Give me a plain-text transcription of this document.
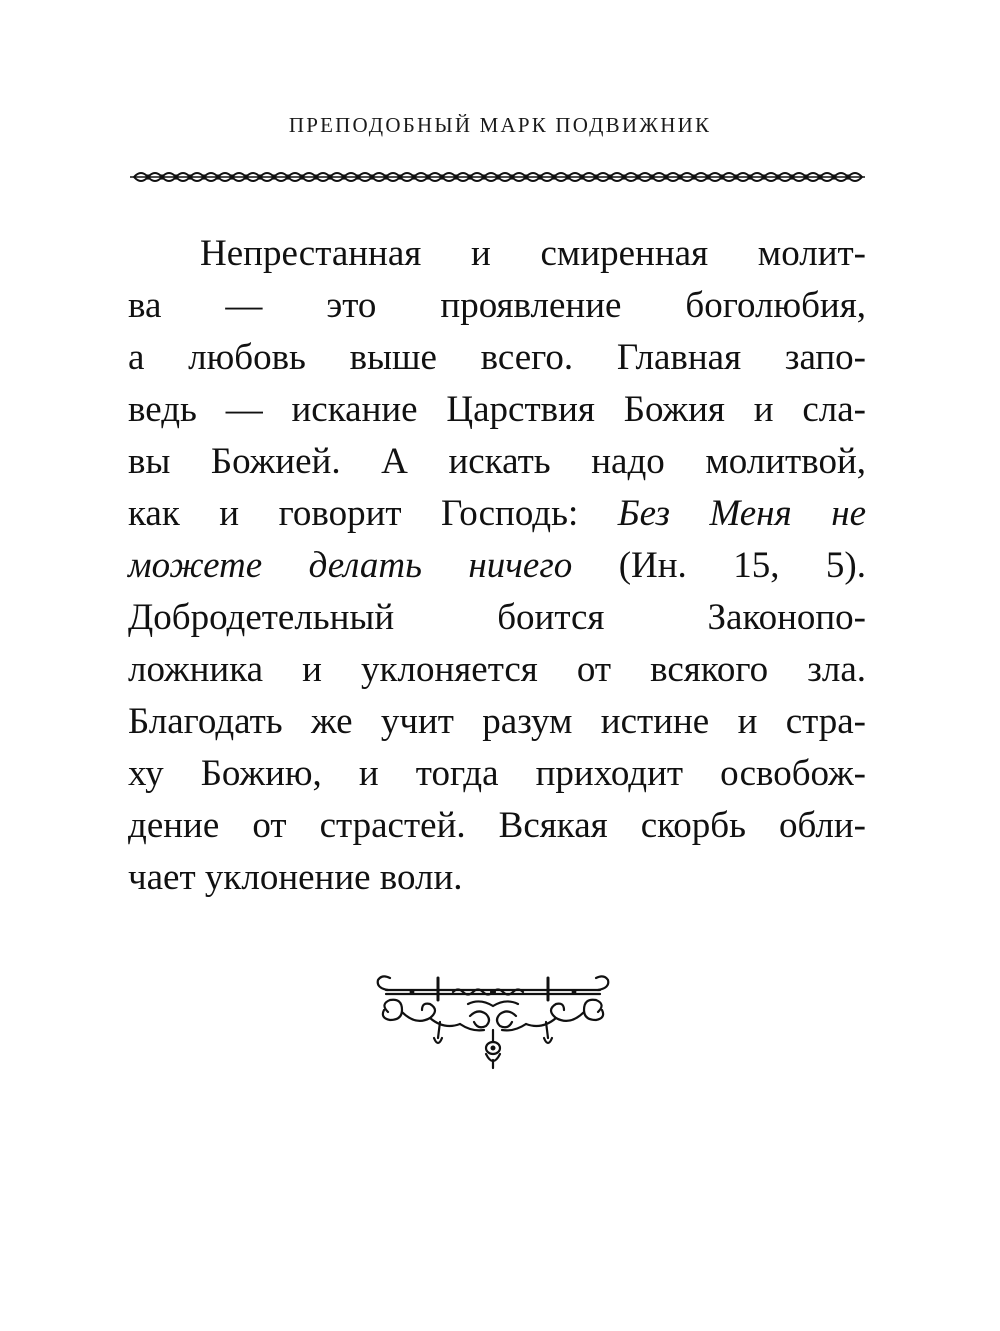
ПРЕПОДОБНЫЙ МАРК ПОДВИЖНИК
Непрестанная и смиренная молит-
ва — это проявление боголюбия,
а любовь выше всего. Главная запо-
ведь — искание Царствия Божия и сла-
вы Божией. А искать надо молитвой,
как и говорит Господь: Без Меня не
можете делать ничего (Ин. 15, 5).
Добродетельный боится Законопо-
ложника и уклоняется от всякого зла.
Благодать же учит разум истине и стра-
ху Божию, и тогда приходит освобож-
дение от страстей. Всякая скорбь обли-
чает уклонение воли.
